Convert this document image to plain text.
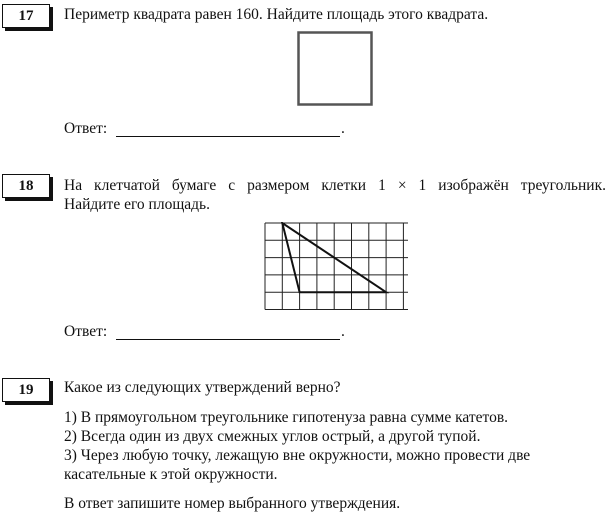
17	Периметр квадрата равен 160. Найдите площадь этого квадрата.
Ответ:	.
18	На клетчатой бумаге с размером клетки 1 × 1 изображён треугольник.
Найдите его площадь.
Ответ:	.
19	Какое из следующих утверждений верно?
1) В прямоугольном треугольнике гипотенуза равна сумме катетов.
2) Всегда один из двух смежных углов острый, а другой тупой.
3) Через любую точку, лежащую вне окружности, можно провести две
касательные к этой окружности.
В ответ запишите номер выбранного утверждения.
